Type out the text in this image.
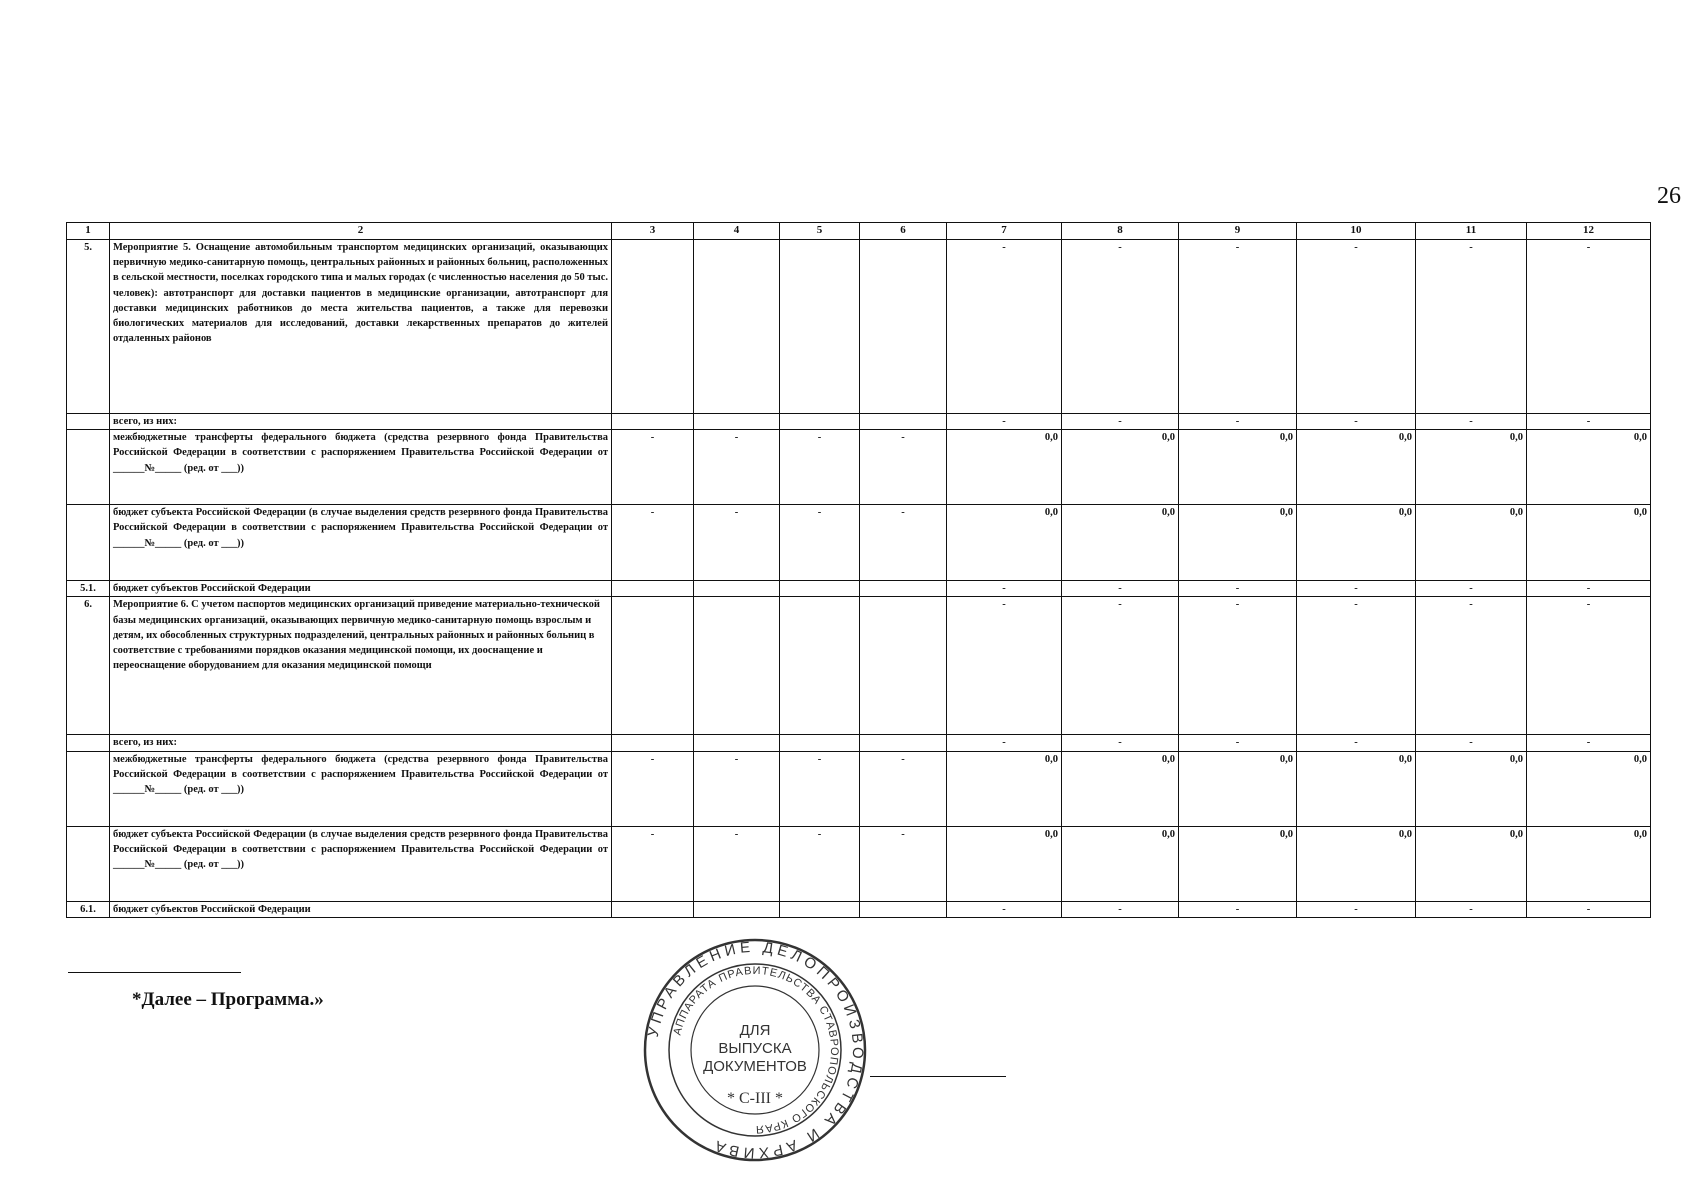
26
1	2	3	4	5	6	7	8	9	10	11	12
5.	Мероприятие 5. Оснащение автомобильным транспортом медицинских организаций, оказывающих первичную медико-санитарную помощь, центральных районных и районных больниц, расположенных в сельской местности, поселках городского типа и малых городах (с численностью населения до 50 тыс. человек): автотранспорт для доставки пациентов в медицинские организации, автотранспорт для доставки медицинских работников до места жительства пациентов, а также для перевозки биологических материалов для исследований, доставки лекарственных препаратов до жителей отдаленных районов					-	-	-	-	-	-
	всего, из них:					-	-	-	-	-	-
	межбюджетные трансферты федерального бюджета (средства резервного фонда Правительства Российской Федерации в соответствии с распоряжением Правительства Российской Федерации от ______№_____ (ред. от ___))	-	-	-	-	0,0	0,0	0,0	0,0	0,0	0,0
	бюджет субъекта Российской Федерации (в случае выделения средств резервного фонда Правительства Российской Федерации в соответствии с распоряжением Правительства Российской Федерации от ______№_____ (ред. от ___))	-	-	-	-	0,0	0,0	0,0	0,0	0,0	0,0
5.1.	бюджет субъектов Российской Федерации					-	-	-	-	-	-
6.	Мероприятие 6. С учетом паспортов медицинских организаций приведение материально-технической базы медицинских организаций, оказывающих первичную медико-санитарную помощь взрослым и детям, их обособленных структурных подразделений, центральных районных и районных больниц в соответствие с требованиями порядков оказания медицинской помощи, их дооснащение и переоснащение оборудованием для оказания медицинской помощи					-	-	-	-	-	-
	всего, из них:					-	-	-	-	-	-
	межбюджетные трансферты федерального бюджета (средства резервного фонда Правительства Российской Федерации в соответствии с распоряжением Правительства Российской Федерации от ______№_____ (ред. от ___))	-	-	-	-	0,0	0,0	0,0	0,0	0,0	0,0
	бюджет субъекта Российской Федерации (в случае выделения средств резервного фонда Правительства Российской Федерации в соответствии с распоряжением Правительства Российской Федерации от ______№_____ (ред. от ___))	-	-	-	-	0,0	0,0	0,0	0,0	0,0	0,0
6.1.	бюджет субъектов Российской Федерации					-	-	-	-	-	-
*Далее – Программа.»
УПРАВЛЕНИЕ ДЕЛОПРОИЗВОДСТВА И АРХИВА
АППАРАТА ПРАВИТЕЛЬСТВА СТАВРОПОЛЬСКОГО КРАЯ
ДЛЯ
ВЫПУСКА
ДОКУМЕНТОВ
* С-III *
